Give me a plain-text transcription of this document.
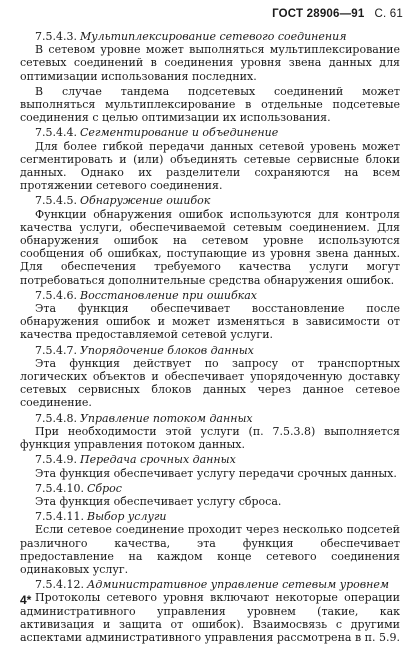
ГОСТ 28906—91 С. 61

7.5.4.3. Мультиплексирование сетевого соединения

В сетевом уровне может выполняться мультиплексирование сетевых соединений в соединения уровня звена данных для оптимизации использования последних.

В случае тандема подсетевых соединений может выполняться мультиплексирование в отдельные подсетевые соединения с целью оптимизации их использования.

7.5.4.4. Сегментирование и объединение

Для более гибкой передачи данных сетевой уровень может сегментировать и (или) объединять сетевые сервисные блоки данных. Однако их разделители сохраняются на всем протяжении сетевого соединения.

7.5.4.5. Обнаружение ошибок

Функции обнаружения ошибок используются для контроля качества услуги, обеспечиваемой сетевым соединением. Для обнаружения ошибок на сетевом уровне используются сообщения об ошибках, поступающие из уровня звена данных. Для обеспечения требуемого качества услуги могут потребоваться дополнительные средства обнаружения ошибок.

7.5.4.6. Восстановление при ошибках

Эта функция обеспечивает восстановление после обнаружения ошибок и может изменяться в зависимости от качества предоставляемой сетевой услуги.

7.5.4.7. Упорядочение блоков данных

Эта функция действует по запросу от транспортных логических объектов и обеспечивает упорядоченную доставку сетевых сервисных блоков данных через данное сетевое соединение.

7.5.4.8. Управление потоком данных

При необходимости этой услуги (п. 7.5.3.8) выполняется функция управления потоком данных.

7.5.4.9. Передача срочных данных

Эта функция обеспечивает услугу передачи срочных данных.

7.5.4.10. Сброс

Эта функция обеспечивает услугу сброса.

7.5.4.11. Выбор услуги

Если сетевое соединение проходит через несколько подсетей различного качества, эта функция обеспечивает предоставление на каждом конце сетевого соединения одинаковых услуг.

7.5.4.12. Административное управление сетевым уровнем

Протоколы сетевого уровня включают некоторые операции административного управления уровнем (такие, как активизация и защита от ошибок). Взаимосвязь с другими аспектами административного управления рассмотрена в п. 5.9.

4*
